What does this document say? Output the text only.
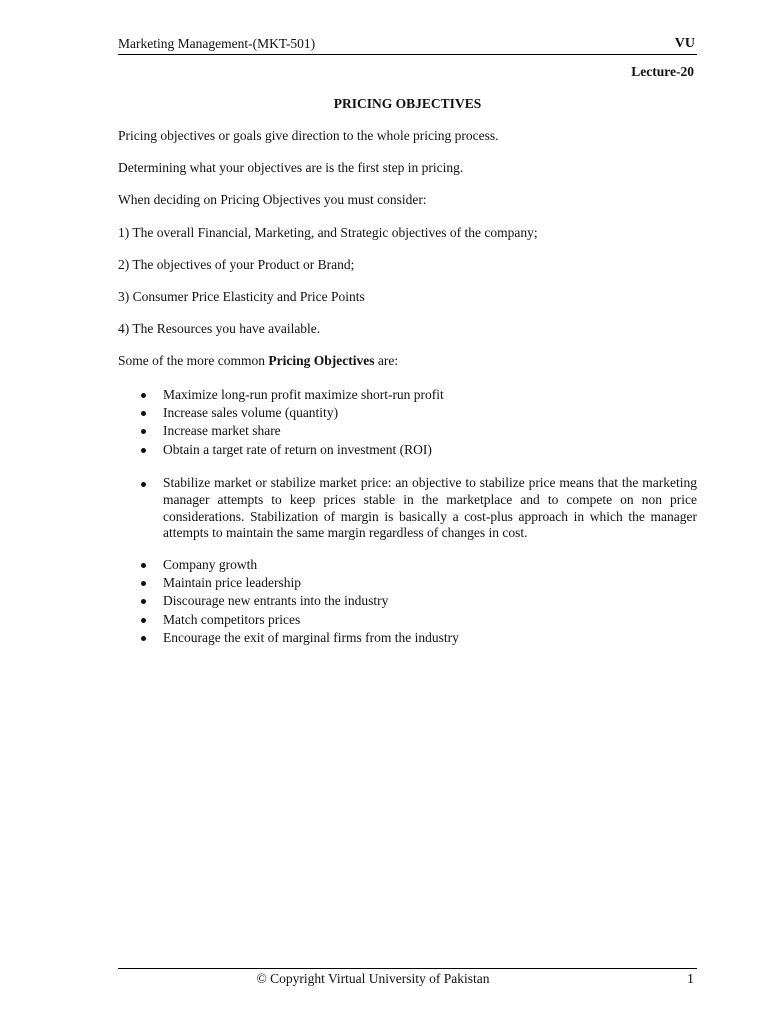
Marketing Management-(MKT-501)	VU
Lecture-20
PRICING OBJECTIVES
Pricing objectives or goals give direction to the whole pricing process.
Determining what your objectives are is the first step in pricing.
When deciding on Pricing Objectives you must consider:
1) The overall Financial, Marketing, and Strategic objectives of the company;
2) The objectives of your Product or Brand;
3) Consumer Price Elasticity and Price Points
4) The Resources you have available.
Some of the more common Pricing Objectives are:
Maximize long-run profit maximize short-run profit
Increase sales volume (quantity)
Increase market share
Obtain a target rate of return on investment (ROI)
Stabilize market or stabilize market price: an objective to stabilize price means that the marketing manager attempts to keep prices stable in the marketplace and to compete on non price considerations. Stabilization of margin is basically a cost-plus approach in which the manager attempts to maintain the same margin regardless of changes in cost.
Company growth
Maintain price leadership
Discourage new entrants into the industry
Match competitors prices
Encourage the exit of marginal firms from the industry
© Copyright Virtual University of Pakistan	1
